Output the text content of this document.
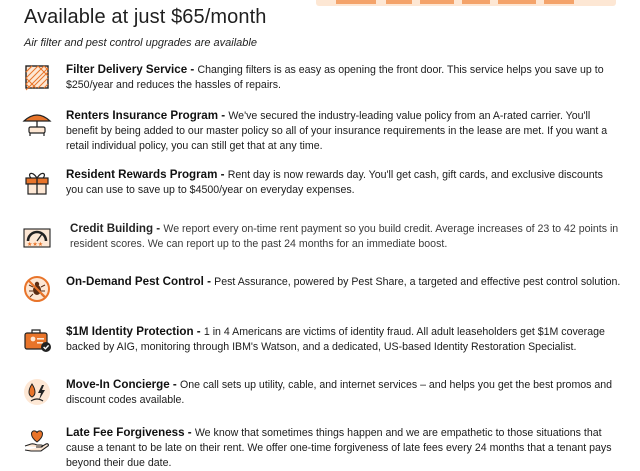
Available at just $65/month
Air filter and pest control upgrades are available
Filter Delivery Service - Changing filters is as easy as opening the front door. This service helps you save up to $250/year and reduces the hassles of repairs.
Renters Insurance Program - We've secured the industry-leading value policy from an A-rated carrier. You'll benefit by being added to our master policy so all of your insurance requirements in the lease are met. If you want a retail individual policy, you can still get that at any time.
Resident Rewards Program - Rent day is now rewards day. You'll get cash, gift cards, and exclusive discounts you can use to save up to $4500/year on everyday expenses.
★★★
Credit Building - We report every on-time rent payment so you build credit. Average increases of 23 to 42 points in resident scores. We can report up to the past 24 months for an immediate boost.
On-Demand Pest Control - Pest Assurance, powered by Pest Share, a targeted and effective pest control solution.
$1M Identity Protection - 1 in 4 Americans are victims of identity fraud. All adult leaseholders get $1M coverage backed by AIG, monitoring through IBM's Watson, and a dedicated, US-based Identity Restoration Specialist.
Move-In Concierge - One call sets up utility, cable, and internet services – and helps you get the best promos and discount codes available.
Late Fee Forgiveness - We know that sometimes things happen and we are empathetic to those situations that cause a tenant to be late on their rent. We offer one-time forgiveness of late fees every 24 months that a tenant pays beyond their due date.
